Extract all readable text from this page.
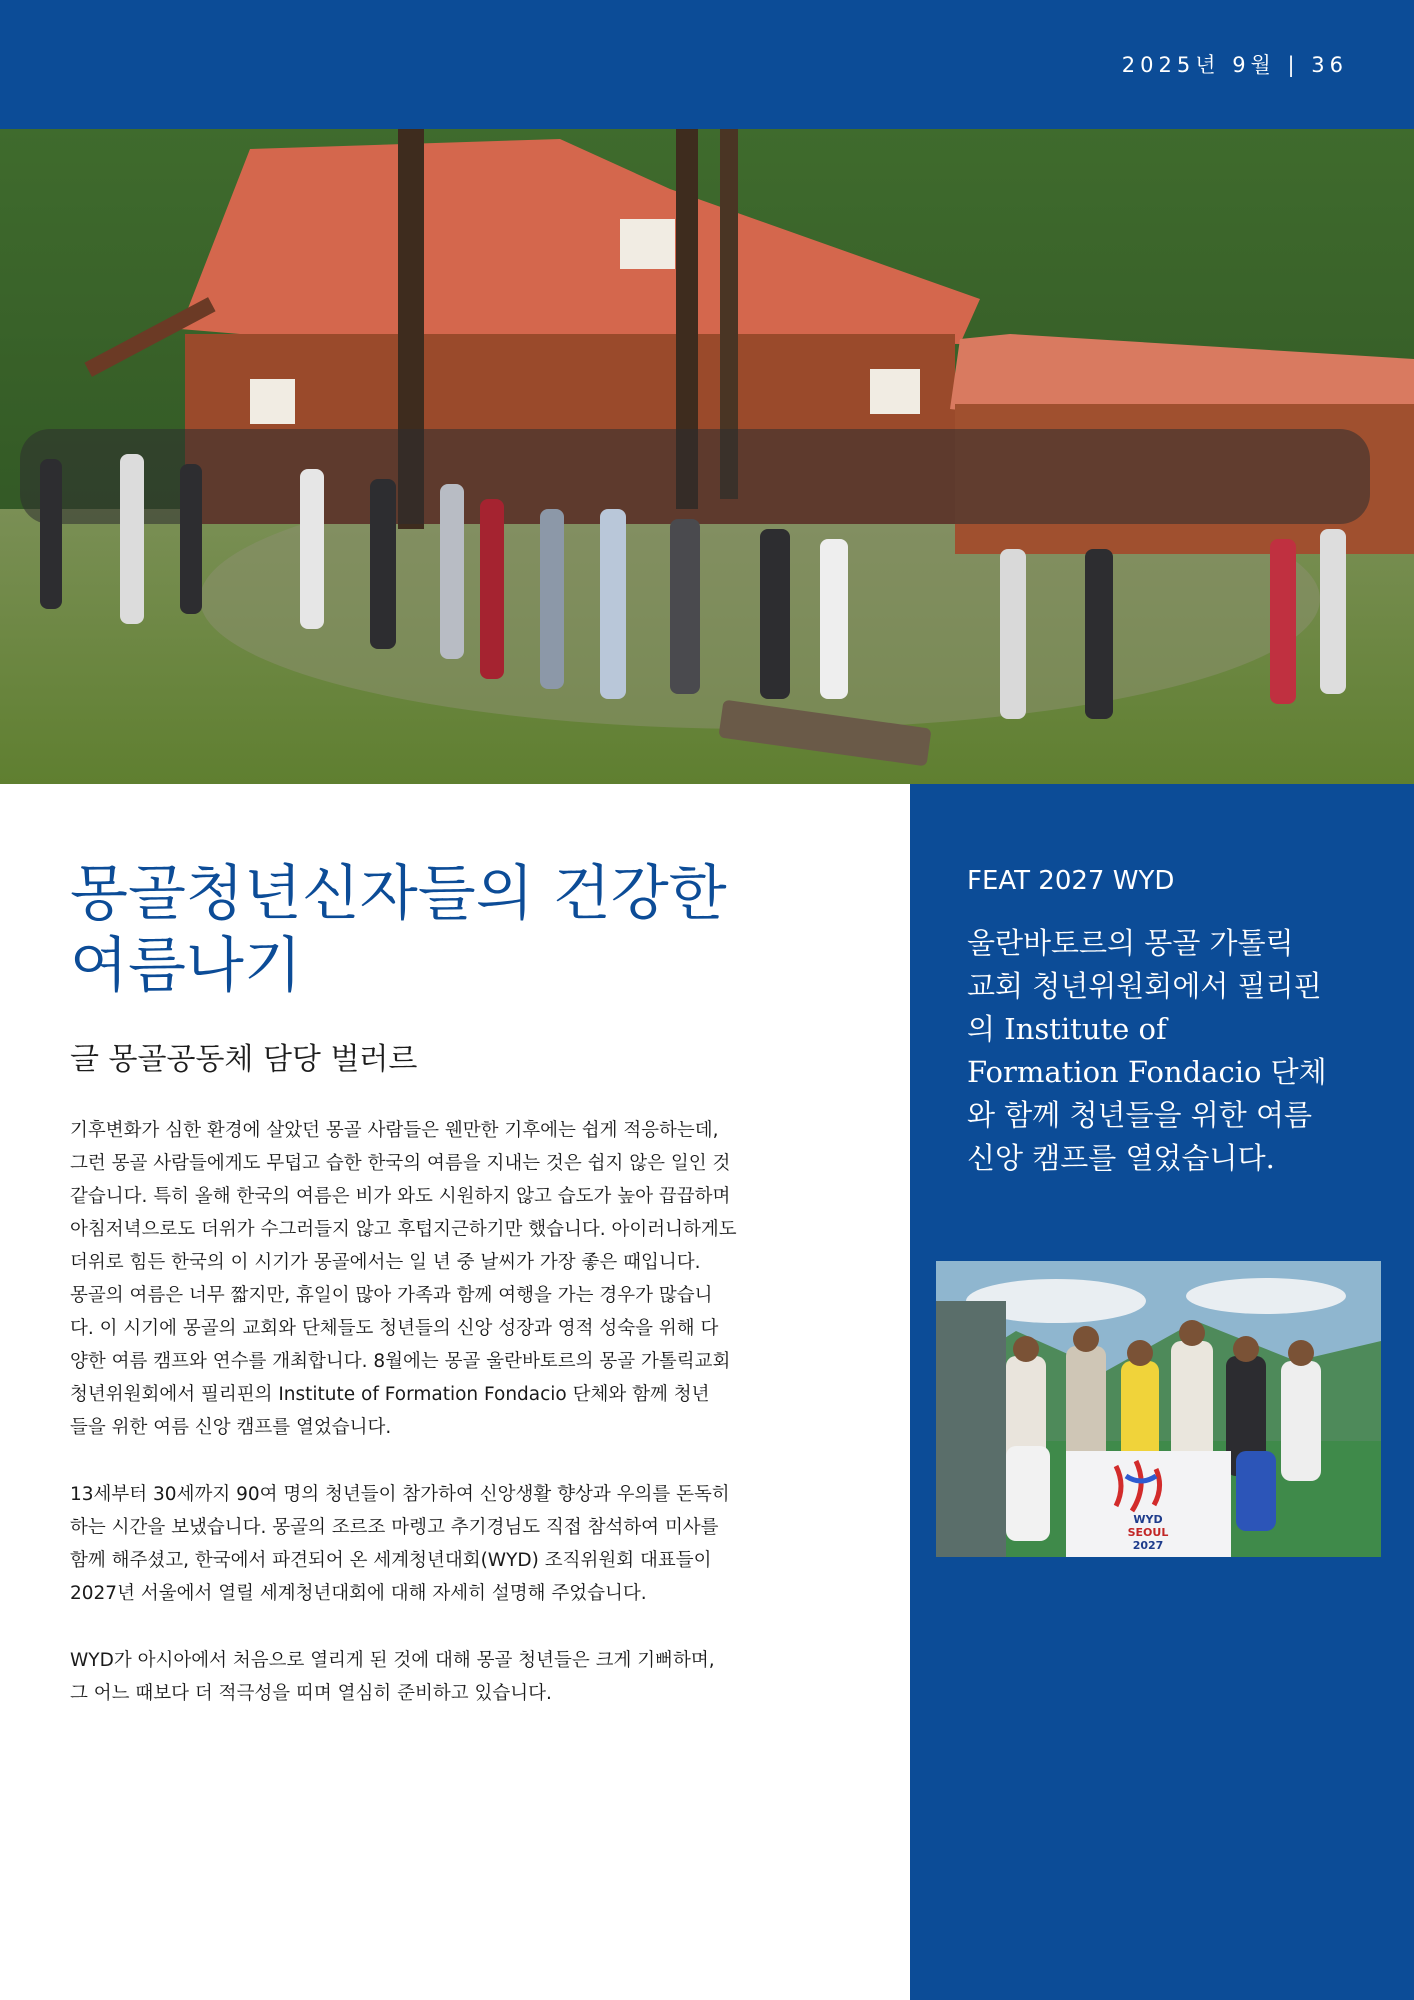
2025년 9월 | 36
몽골청년신자들의 건강한
여름나기

글 몽골공동체 담당 벌러르

기후변화가 심한 환경에 살았던 몽골 사람들은 웬만한 기후에는 쉽게 적응하는데,
그런 몽골 사람들에게도 무덥고 습한 한국의 여름을 지내는 것은 쉽지 않은 일인 것
같습니다. 특히 올해 한국의 여름은 비가 와도 시원하지 않고 습도가 높아 끕끕하며
아침저녁으로도 더위가 수그러들지 않고 후텁지근하기만 했습니다. 아이러니하게도
더위로 힘든 한국의 이 시기가 몽골에서는 일 년 중 날씨가 가장 좋은 때입니다.
몽골의 여름은 너무 짧지만, 휴일이 많아 가족과 함께 여행을 가는 경우가 많습니
다. 이 시기에 몽골의 교회와 단체들도 청년들의 신앙 성장과 영적 성숙을 위해 다
양한 여름 캠프와 연수를 개최합니다. 8월에는 몽골 울란바토르의 몽골 가톨릭교회
청년위원회에서 필리핀의 Institute of Formation Fondacio 단체와 함께 청년
들을 위한 여름 신앙 캠프를 열었습니다.

13세부터 30세까지 90여 명의 청년들이 참가하여 신앙생활 향상과 우의를 돈독히
하는 시간을 보냈습니다. 몽골의 조르조 마렝고 추기경님도 직접 참석하여 미사를
함께 해주셨고, 한국에서 파견되어 온 세계청년대회(WYD) 조직위원회 대표들이
2027년 서울에서 열릴 세계청년대회에 대해 자세히 설명해 주었습니다.

WYD가 아시아에서 처음으로 열리게 된 것에 대해 몽골 청년들은 크게 기뻐하며,
그 어느 때보다 더 적극성을 띠며 열심히 준비하고 있습니다.

FEAT 2027 WYD

울란바토르의 몽골 가톨릭
교회 청년위원회에서 필리핀
의 Institute of
Formation Fondacio 단체
와 함께 청년들을 위한 여름
신앙 캠프를 열었습니다.

WYD
SEOUL
2027
